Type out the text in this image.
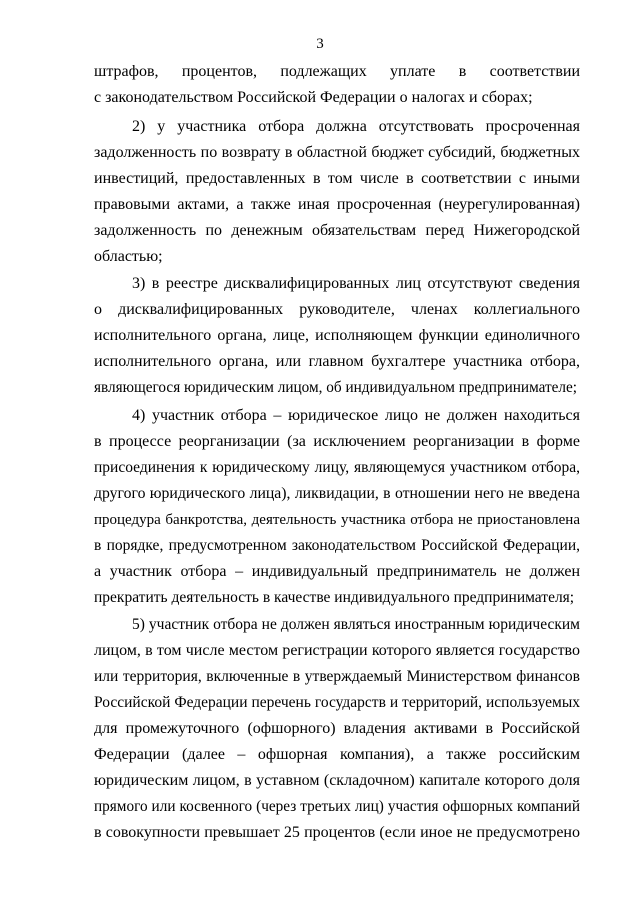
3
штрафов, процентов, подлежащих уплате в соответствии
с законодательством Российской Федерации о налогах и сборах;
2) у участника отбора должна отсутствовать просроченная
задолженность по возврату в областной бюджет субсидий, бюджетных
инвестиций, предоставленных в том числе в соответствии с иными
правовыми актами, а также иная просроченная (неурегулированная)
задолженность по денежным обязательствам перед Нижегородской
областью;
3) в реестре дисквалифицированных лиц отсутствуют сведения
о дисквалифицированных руководителе, членах коллегиального
исполнительного органа, лице, исполняющем функции единоличного
исполнительного органа, или главном бухгалтере участника отбора,
являющегося юридическим лицом, об индивидуальном предпринимателе;
4) участник отбора – юридическое лицо не должен находиться
в процессе реорганизации (за исключением реорганизации в форме
присоединения к юридическому лицу, являющемуся участником отбора,
другого юридического лица), ликвидации, в отношении него не введена
процедура банкротства, деятельность участника отбора не приостановлена
в порядке, предусмотренном законодательством Российской Федерации,
а участник отбора – индивидуальный предприниматель не должен
прекратить деятельность в качестве индивидуального предпринимателя;
5) участник отбора не должен являться иностранным юридическим
лицом, в том числе местом регистрации которого является государство
или территория, включенные в утверждаемый Министерством финансов
Российской Федерации перечень государств и территорий, используемых
для промежуточного (офшорного) владения активами в Российской
Федерации (далее – офшорная компания), а также российским
юридическим лицом, в уставном (складочном) капитале которого доля
прямого или косвенного (через третьих лиц) участия офшорных компаний
в совокупности превышает 25 процентов (если иное не предусмотрено
